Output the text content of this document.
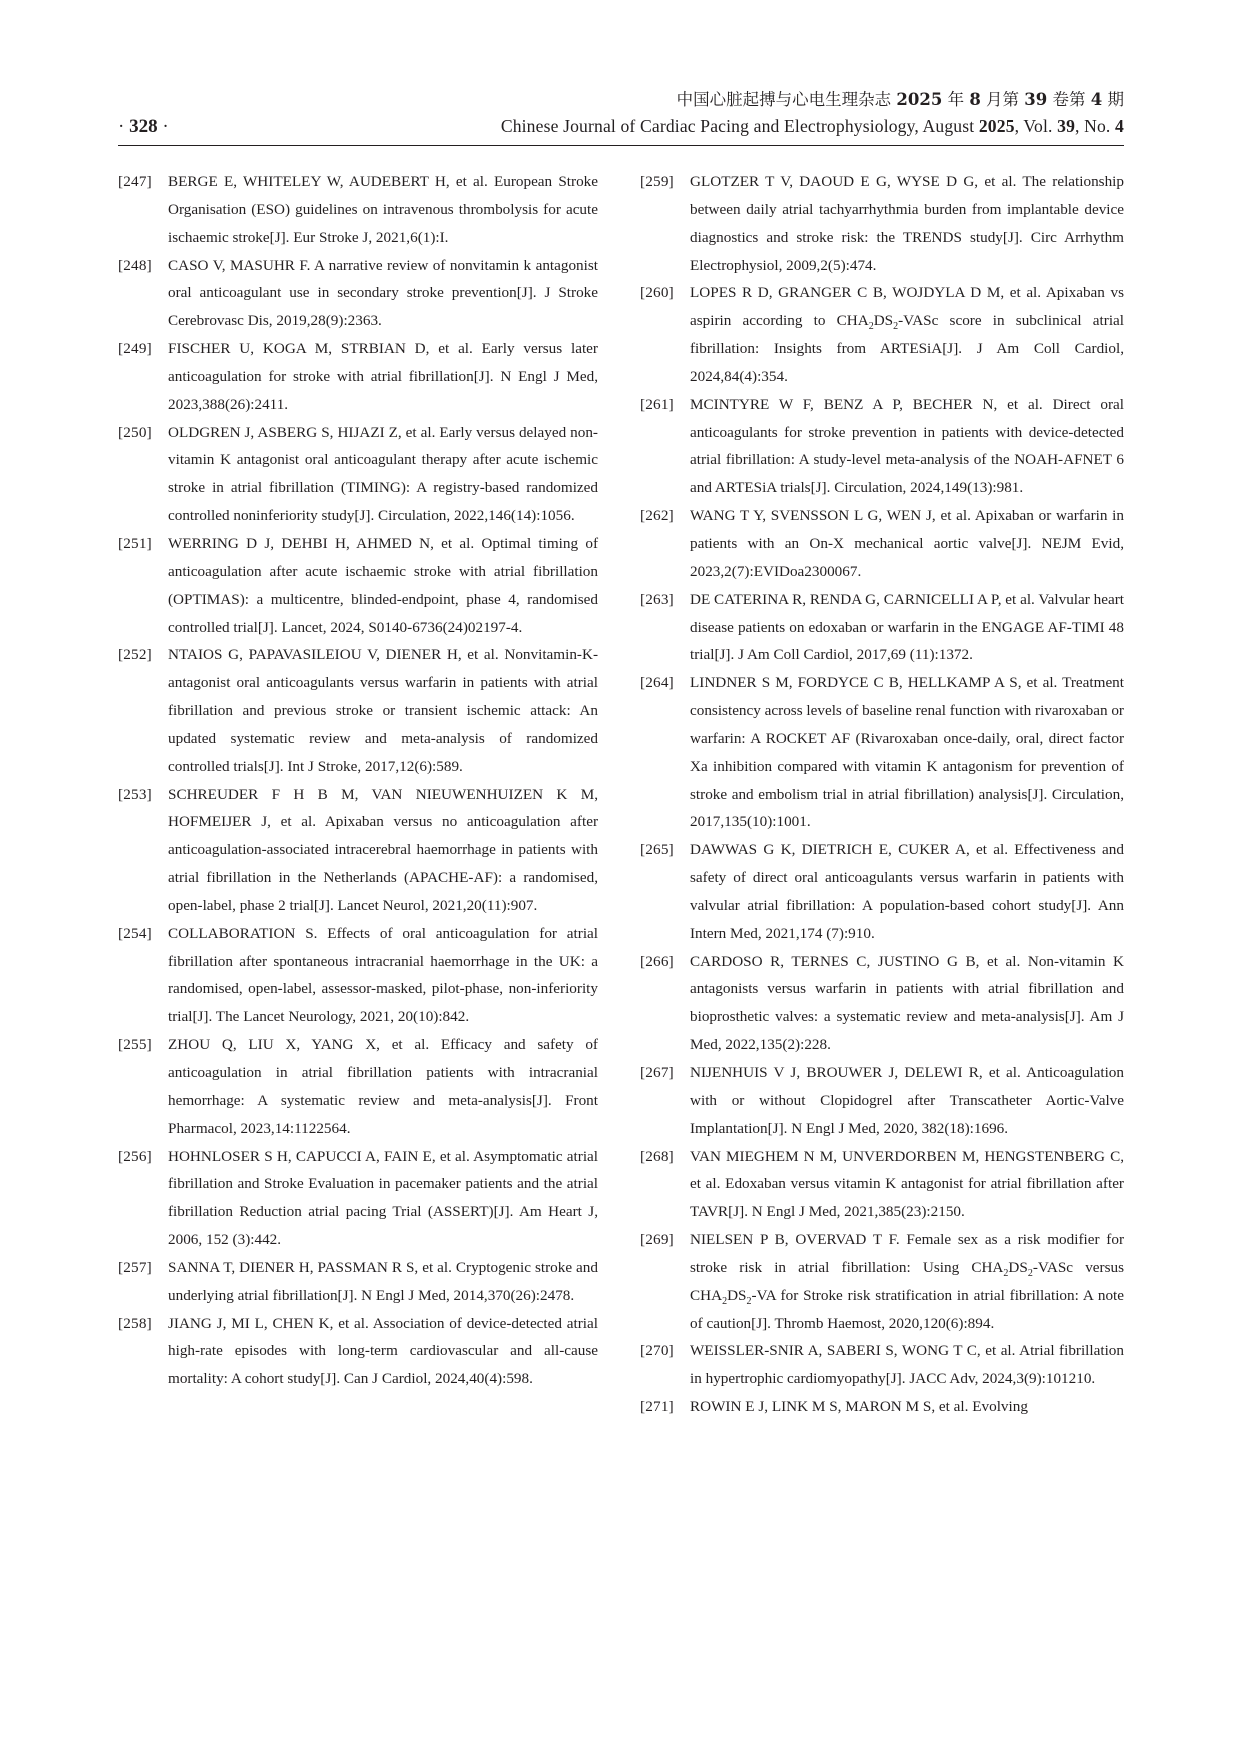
中国心脏起搏与心电生理杂志 2025 年 8 月第 39 卷第 4 期
· 328 ·	Chinese Journal of Cardiac Pacing and Electrophysiology, August 2025, Vol. 39, No. 4
[247]	BERGE E, WHITELEY W, AUDEBERT H, et al. European Stroke Organisation (ESO) guidelines on intravenous thrombolysis for acute ischaemic stroke[J]. Eur Stroke J, 2021,6(1):I.
[248]	CASO V, MASUHR F. A narrative review of nonvitamin k antagonist oral anticoagulant use in secondary stroke prevention[J]. J Stroke Cerebrovasc Dis, 2019,28(9):2363.
[249]	FISCHER U, KOGA M, STRBIAN D, et al. Early versus later anticoagulation for stroke with atrial fibrillation[J]. N Engl J Med, 2023,388(26):2411.
[250]	OLDGREN J, ASBERG S, HIJAZI Z, et al. Early versus delayed non-vitamin K antagonist oral anticoagulant therapy after acute ischemic stroke in atrial fibrillation (TIMING): A registry-based randomized controlled noninferiority study[J]. Circulation, 2022,146(14):1056.
[251]	WERRING D J, DEHBI H, AHMED N, et al. Optimal timing of anticoagulation after acute ischaemic stroke with atrial fibrillation (OPTIMAS): a multicentre, blinded-endpoint, phase 4, randomised controlled trial[J]. Lancet, 2024, S0140-6736(24)02197-4.
[252]	NTAIOS G, PAPAVASILEIOU V, DIENER H, et al. Nonvitamin-K-antagonist oral anticoagulants versus warfarin in patients with atrial fibrillation and previous stroke or transient ischemic attack: An updated systematic review and meta-analysis of randomized controlled trials[J]. Int J Stroke, 2017,12(6):589.
[253]	SCHREUDER F H B M, VAN NIEUWENHUIZEN K M, HOFMEIJER J, et al. Apixaban versus no anticoagulation after anticoagulation-associated intracerebral haemorrhage in patients with atrial fibrillation in the Netherlands (APACHE-AF): a randomised, open-label, phase 2 trial[J]. Lancet Neurol, 2021,20(11):907.
[254]	COLLABORATION S. Effects of oral anticoagulation for atrial fibrillation after spontaneous intracranial haemorrhage in the UK: a randomised, open-label, assessor-masked, pilot-phase, non-inferiority trial[J]. The Lancet Neurology, 2021, 20(10):842.
[255]	ZHOU Q, LIU X, YANG X, et al. Efficacy and safety of anticoagulation in atrial fibrillation patients with intracranial hemorrhage: A systematic review and meta-analysis[J]. Front Pharmacol, 2023,14:1122564.
[256]	HOHNLOSER S H, CAPUCCI A, FAIN E, et al. Asymptomatic atrial fibrillation and Stroke Evaluation in pacemaker patients and the atrial fibrillation Reduction atrial pacing Trial (ASSERT)[J]. Am Heart J, 2006, 152 (3):442.
[257]	SANNA T, DIENER H, PASSMAN R S, et al. Cryptogenic stroke and underlying atrial fibrillation[J]. N Engl J Med, 2014,370(26):2478.
[258]	JIANG J, MI L, CHEN K, et al. Association of device-detected atrial high-rate episodes with long-term cardiovascular and all-cause mortality: A cohort study[J]. Can J Cardiol, 2024,40(4):598.
[259]	GLOTZER T V, DAOUD E G, WYSE D G, et al. The relationship between daily atrial tachyarrhythmia burden from implantable device diagnostics and stroke risk: the TRENDS study[J]. Circ Arrhythm Electrophysiol, 2009,2(5):474.
[260]	LOPES R D, GRANGER C B, WOJDYLA D M, et al. Apixaban vs aspirin according to $CHA_2DS_2$-VASc score in subclinical atrial fibrillation: Insights from ARTESiA[J]. J Am Coll Cardiol, 2024,84(4):354.
[261]	MCINTYRE W F, BENZ A P, BECHER N, et al. Direct oral anticoagulants for stroke prevention in patients with device-detected atrial fibrillation: A study-level meta-analysis of the NOAH-AFNET 6 and ARTESiA trials[J]. Circulation, 2024,149(13):981.
[262]	WANG T Y, SVENSSON L G, WEN J, et al. Apixaban or warfarin in patients with an On-X mechanical aortic valve[J]. NEJM Evid, 2023,2(7):EVIDoa2300067.
[263]	DE CATERINA R, RENDA G, CARNICELLI A P, et al. Valvular heart disease patients on edoxaban or warfarin in the ENGAGE AF-TIMI 48 trial[J]. J Am Coll Cardiol, 2017,69 (11):1372.
[264]	LINDNER S M, FORDYCE C B, HELLKAMP A S, et al. Treatment consistency across levels of baseline renal function with rivaroxaban or warfarin: A ROCKET AF (Rivaroxaban once-daily, oral, direct factor Xa inhibition compared with vitamin K antagonism for prevention of stroke and embolism trial in atrial fibrillation) analysis[J]. Circulation, 2017,135(10):1001.
[265]	DAWWAS G K, DIETRICH E, CUKER A, et al. Effectiveness and safety of direct oral anticoagulants versus warfarin in patients with valvular atrial fibrillation: A population-based cohort study[J]. Ann Intern Med, 2021,174 (7):910.
[266]	CARDOSO R, TERNES C, JUSTINO G B, et al. Non-vitamin K antagonists versus warfarin in patients with atrial fibrillation and bioprosthetic valves: a systematic review and meta-analysis[J]. Am J Med, 2022,135(2):228.
[267]	NIJENHUIS V J, BROUWER J, DELEWI R, et al. Anticoagulation with or without Clopidogrel after Transcatheter Aortic-Valve Implantation[J]. N Engl J Med, 2020, 382(18):1696.
[268]	VAN MIEGHEM N M, UNVERDORBEN M, HENGSTENBERG C, et al. Edoxaban versus vitamin K antagonist for atrial fibrillation after TAVR[J]. N Engl J Med, 2021,385(23):2150.
[269]	NIELSEN P B, OVERVAD T F. Female sex as a risk modifier for stroke risk in atrial fibrillation: Using $CHA_2DS_2$-VASc versus $CHA_2DS_2-VA$ for Stroke risk stratification in atrial fibrillation: A note of caution[J]. Thromb Haemost, 2020,120(6):894.
[270]	WEISSLER-SNIR A, SABERI S, WONG T C, et al. Atrial fibrillation in hypertrophic cardiomyopathy[J]. JACC Adv, 2024,3(9):101210.
[271]	ROWIN E J, LINK M S, MARON M S, et al. Evolving
